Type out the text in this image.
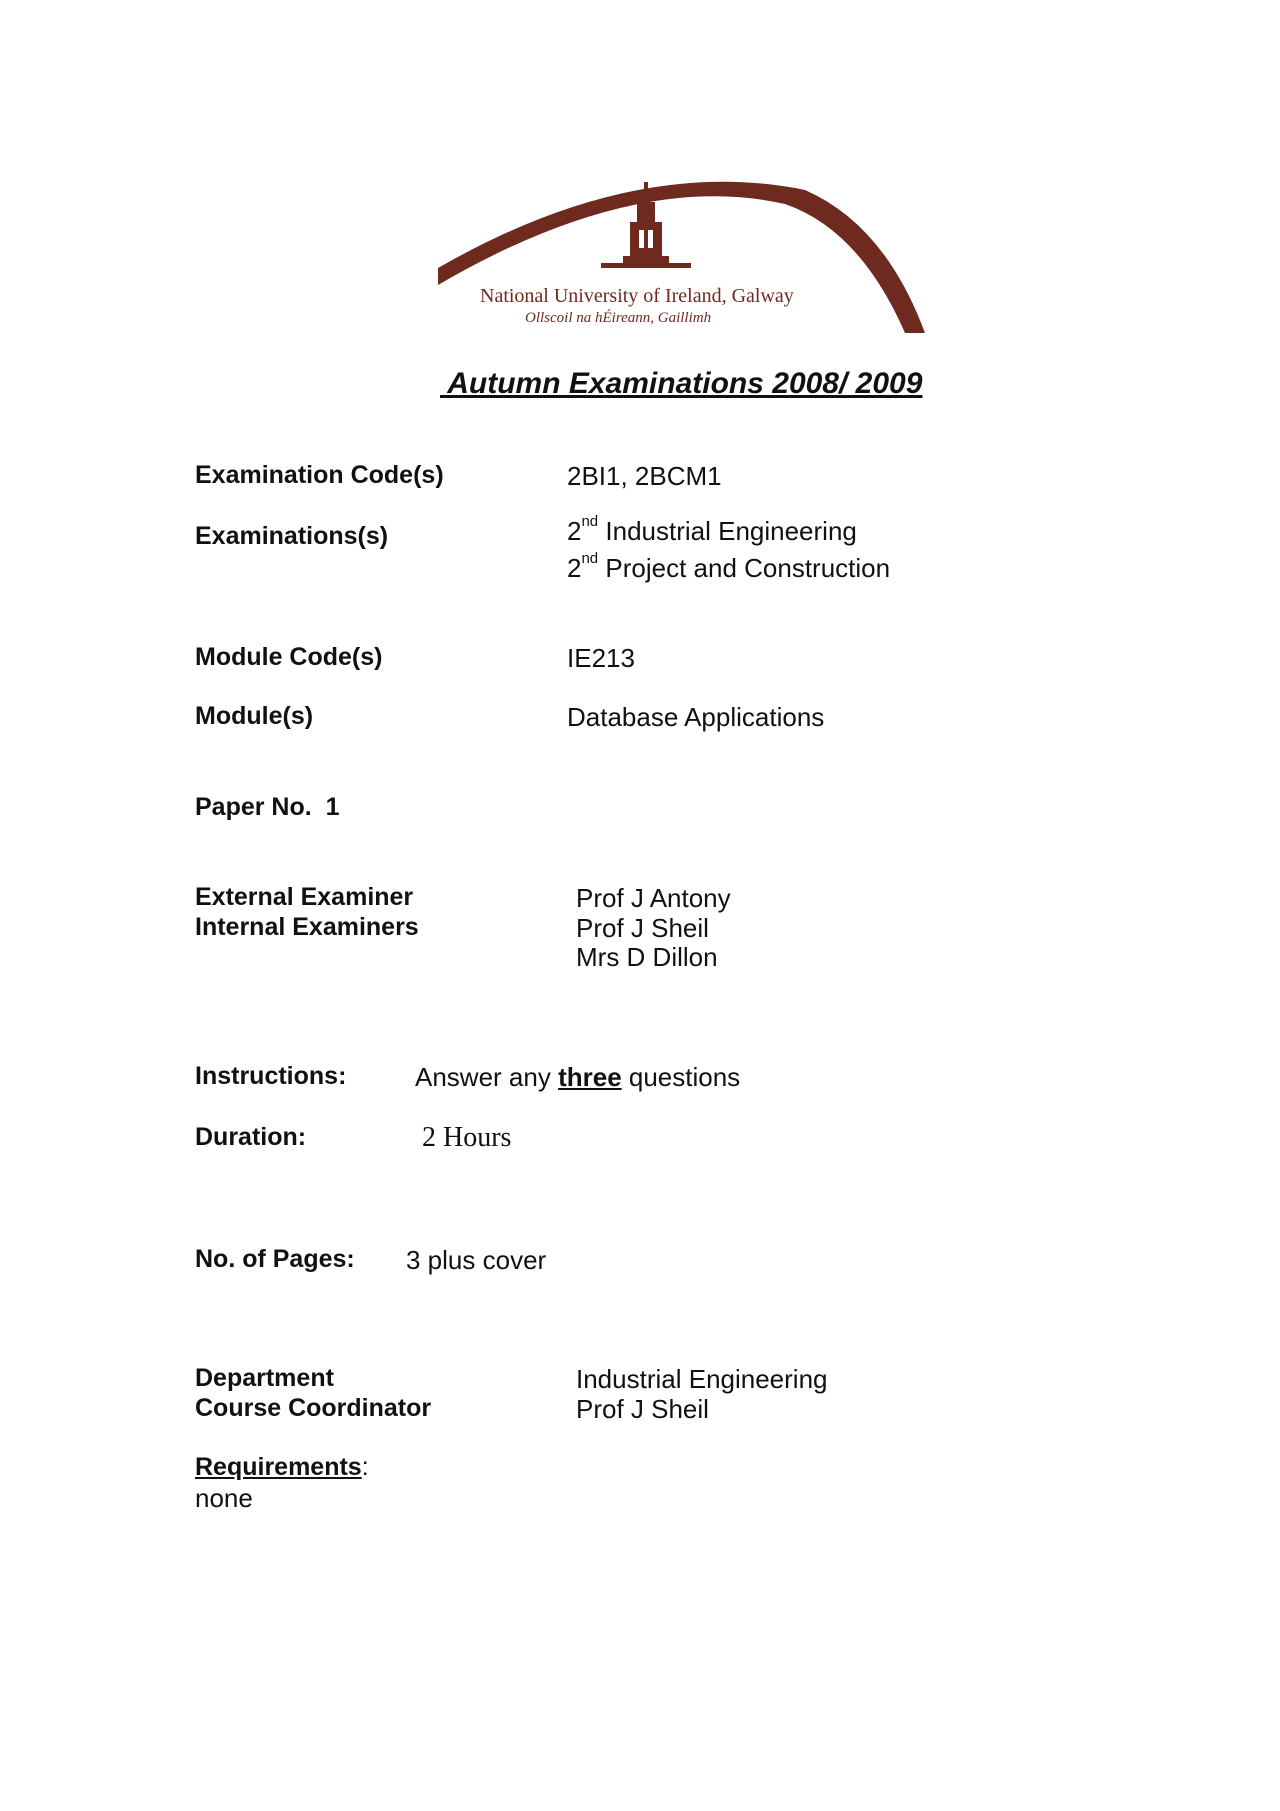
National University of Ireland, Galway
Ollscoil na hÉireann, Gaillimh
Autumn Examinations 2008/ 2009
Examination Code(s)	2BI1, 2BCM1
Examinations(s)	2nd Industrial Engineering
2nd Project and Construction
Module Code(s)	IE213
Module(s)	Database Applications
Paper No.  1
External Examiner	Prof J Antony
Internal Examiners	Prof J Sheil
Mrs D Dillon
Instructions:	Answer any three questions
Duration:	2 Hours
No. of Pages: 3 plus cover
Department	Industrial Engineering
Course Coordinator	Prof J Sheil
Requirements:
none
